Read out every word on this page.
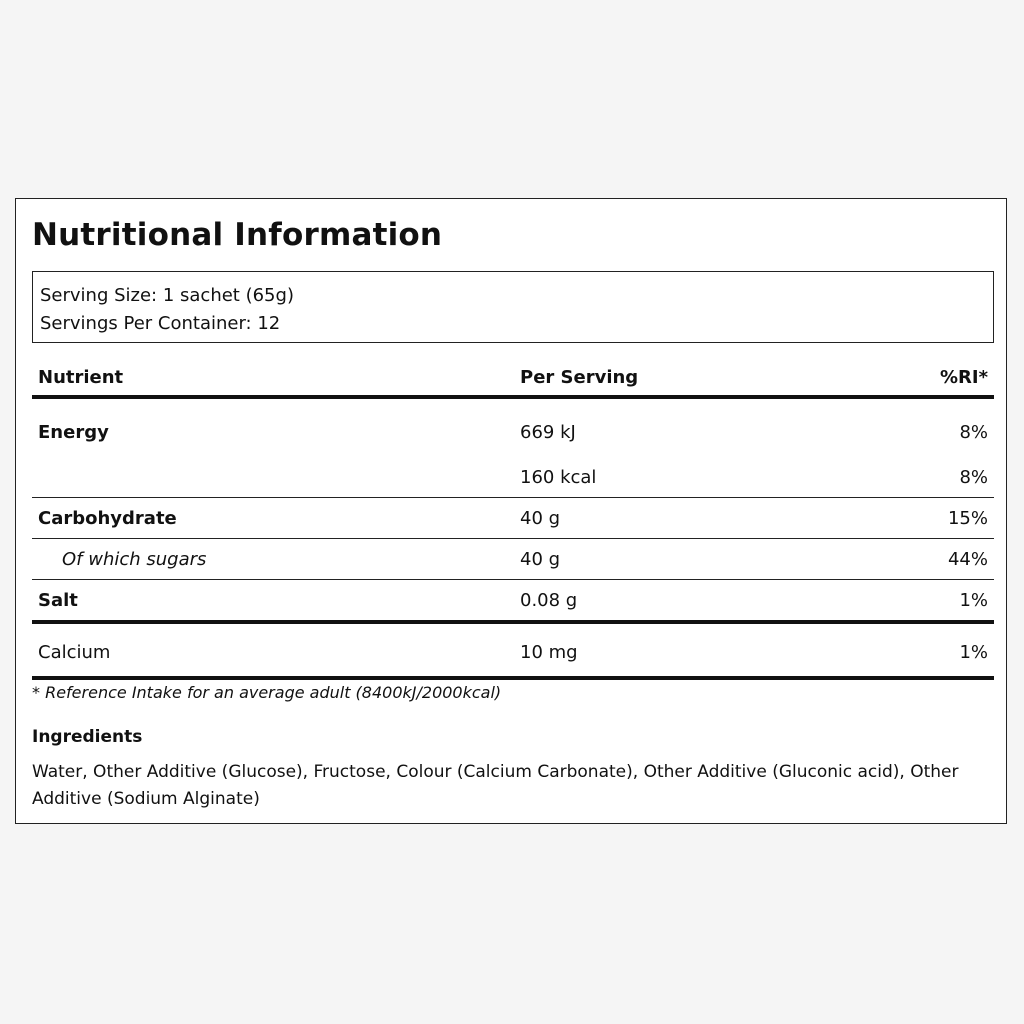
Nutritional Information
Serving Size: 1 sachet (65g)
Servings Per Container: 12
Nutrient	Per Serving	%RI*
Energy	669 kJ	8%
	160 kcal	8%
Carbohydrate	40 g	15%
Of which sugars	40 g	44%
Salt	0.08 g	1%
Calcium	10 mg	1%
* Reference Intake for an average adult (8400kJ/2000kcal)
Ingredients
Water, Other Additive (Glucose), Fructose, Colour (Calcium Carbonate), Other Additive (Gluconic acid), Other Additive (Sodium Alginate)
